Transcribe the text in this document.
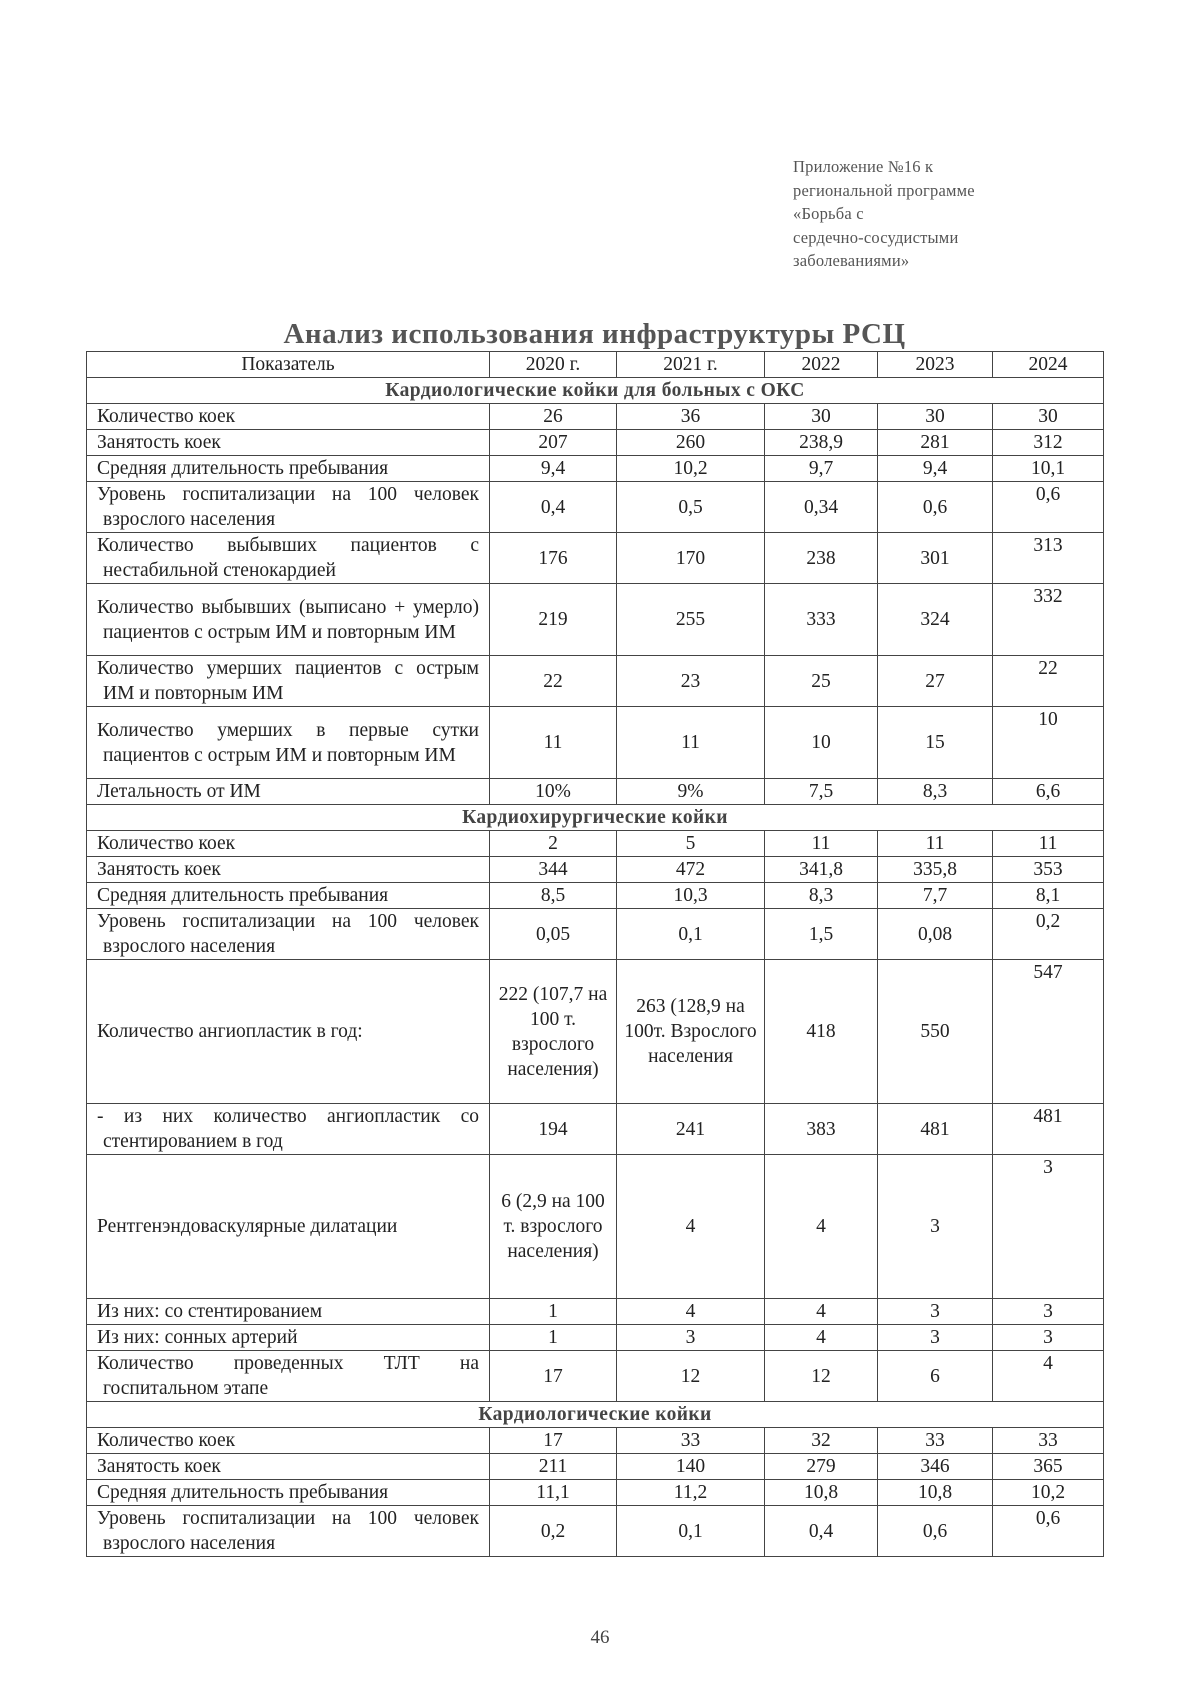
Приложение №16 к
региональной программе
«Борьба с
сердечно-сосудистыми
заболеваниями»
Анализ использования инфраструктуры РСЦ
Показатель	2020 г.	2021 г.	2022	2023	2024
Кардиологические койки для больных с ОКС					
Количество коек	26	36	30	30	30
Занятость коек	207	260	238,9	281	312
Средняя длительность пребывания	9,4	10,2	9,7	9,4	10,1
Уровень госпитализации на 100 человек взрослого населения	0,4	0,5	0,34	0,6	0,6
Количество выбывших пациентов с нестабильной стенокардией	176	170	238	301	313
Количество выбывших (выписано + умерло) пациентов с острым ИМ и повторным ИМ	219	255	333	324	332
Количество умерших пациентов с острым ИМ и повторным ИМ	22	23	25	27	22
Количество умерших в первые сутки пациентов с острым ИМ и повторным ИМ	11	11	10	15	10
Летальность от ИМ	10%	9%	7,5	8,3	6,6
Кардиохирургические койки					
Количество коек	2	5	11	11	11
Занятость коек	344	472	341,8	335,8	353
Средняя длительность пребывания	8,5	10,3	8,3	7,7	8,1
Уровень госпитализации на 100 человек взрослого населения	0,05	0,1	1,5	0,08	0,2
Количество ангиопластик в год:	222 (107,7 на 100 т. взрослого населения)	263 (128,9 на 100т. Взрослого населения	418	550	547
- из них количество ангиопластик со стентированием в год	194	241	383	481	481
Рентгенэндоваскулярные дилатации	6 (2,9 на 100 т. взрослого населения)	4	4	3	3
Из них: со стентированием	1	4	4	3	3
Из них: сонных артерий	1	3	4	3	3
Количество проведенных ТЛТ на госпитальном этапе	17	12	12	6	4
Кардиологические койки					
Количество коек	17	33	32	33	33
Занятость коек	211	140	279	346	365
Средняя длительность пребывания	11,1	11,2	10,8	10,8	10,2
Уровень госпитализации на 100 человек взрослого населения	0,2	0,1	0,4	0,6	0,6
46
